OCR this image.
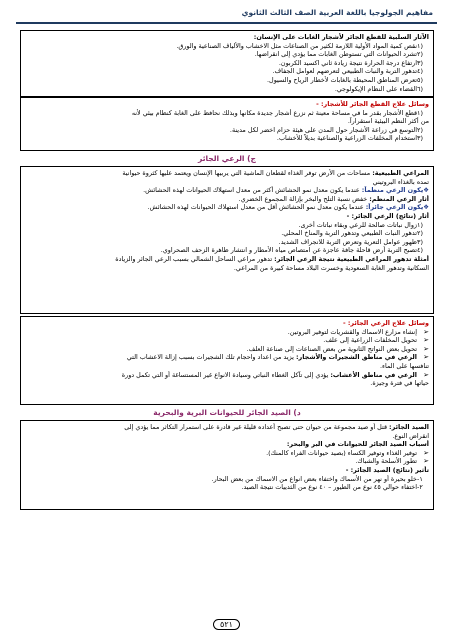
مفاهيم الجولوجيا باللغة العربية الصف الثالث الثانوي
الآثار السلبية للقطع الجائر لأشجار الغابات على الإنسان:
١)نقص كمية المواد الأولية اللازمة لكثير من الصناعات مثل الاخشاب والألياف الصناعية والورق.
٢)تشرد الحيوانات التي تستوطن الغابات مما يؤدي إلى انقراضها.
٣)ارتفاع درجة الحرارة نتيجة زيادة ثاني اكسيد الكربون.
٤)تدهور التربة والنبات الطبيعي لتعرضهم لعوامل الجفاف.
٥)تعرض المناطق المحيطة بالغابات لأخطار الرياح والسيول.
٦)القضاء على النظام الإيكولوجي.
وسائل علاج القطع الجائر للأشجار: -
١)قطع الأشجار بقدر ما في مساحة معينة ثم نزرع أشجار جديدة مكانها وبذلك نحافظ على الغابة كنظام بيئي لأنه
من أكثر النظم البيئية استقراراً.
٢)التوسع في زراعة الأشجار حول المدن على هيئة حزام اخضر لكل مدينة.
٣)استخدام المخلفات الزراعية والصناعية بديلاً للأخشاب.
ج) الرعي الجائر
المراعي الطبيعية: مساحات من الأرض توفر الغذاء لقطعان الماشية التي يربيها الإنسان ويعتمد عليها كثروة حيوانية
تمده بالغذاء البروتيني
❖يكون الرعي منظماً: عندما يكون معدل نمو الحشائش أكثر من معدل استهلاك الحيوانات لهذه الحشائش.
أثار الرعي المنظم: خفض نسبة التلح والبخر بإزالة المجموع الخضري.
❖يكون الرعي جائراً: عندما يكون معدل نمو الحشائش أقل من معدل استهلاك الحيوانات لهذه الحشائش.
أثار (نتائج) الرعي الجائر: -
١)زوال نباتات صالحة للرعي وبقاء نباتات أخرى.
٢)تدهور النبات الطبيعي وتدهور التربة والمناخ المحلي.
٣)ظهور عوامل التعرية وتعرض التربة للانجراف الشديد.
٤)تصبح التربة أرض قاحلة جافة عاجزة عن امتصاص مياه الأمطار و انتشار ظاهرة الزحف الصحراوي.
أمثلة تدهور المراعي الطبيعية نتيجة الرعي الجائر: تدهور مراعي الساحل الشمالي بسبب الرعي الجائر والزيادة
السكانية وتدهور الغابة السعودية وخسرت البلاد مساحة كبيرة من المراعي.
وسائل علاج الرعي الجائر: -
➢إنشاء مزارع الاسماك والقشريات لتوفير البروتين.
➢تحويل المخلفات الزراعية إلى علف.
➢تحويل بعض النواتج الثانوية من بعض الصناعات إلى صناعة العلف.
➢الرعي في مناطق الشجيرات والأشجار: يزيد من اعداد واحجام تلك الشجيرات بسبب إزالة الاعشاب التي
تنافسها على الماء.
➢الرعي في مناطق الأعشاب: يؤدي إلى تآكل الغطاء النباتي وسيادة الانواع غير المستساغة أو التي تكمل دورة
حياتها في فترة وجيزة.
د) الصيد الجائر للحيوانات البرية والبحرية
الصيد الجائر: قتل أو صيد مجموعة من حيوان حتى تصبح أعداده قليلة غير قادرة على استمرار التكاثر مما يؤدي إلى
انقراض النوع.
أسباب الصيد الجائر للحيوانات في البر والبحر:
➢توفير الغذاء وتوفير الكساء (بصيد حيوانات الفراء كالمنك).
➢تطور الأسلحة والشباك.
تأثير (نتائج) الصيد الجائر: -
-١خلو بحيرة أو نهر من الأسماك واختفاء بعض انواع من الاسماك من بعض البحار.
-٢اختفاء حوالي ٤٥ نوع من الطيور – ٤٠ نوع من الثدييات نتيجة الصيد.
٥٢١
